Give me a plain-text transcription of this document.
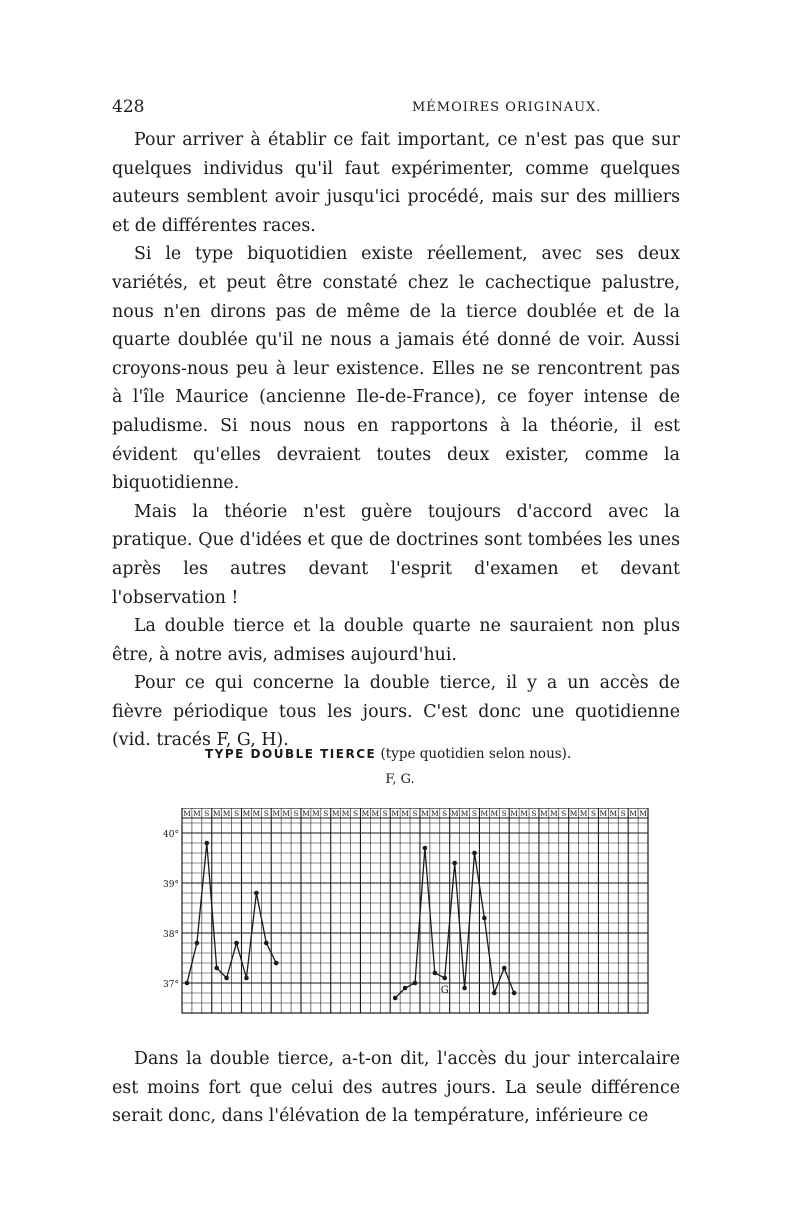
428	MÉMOIRES ORIGINAUX.

Pour arriver à établir ce fait important, ce n'est pas que sur quelques individus qu'il faut expérimenter, comme quelques auteurs semblent avoir jusqu'ici procédé, mais sur des milliers et de différentes races.

Si le type biquotidien existe réellement, avec ses deux variétés, et peut être constaté chez le cachectique palustre, nous n'en dirons pas de même de la tierce doublée et de la quarte doublée qu'il ne nous a jamais été donné de voir. Aussi croyons-nous peu à leur existence. Elles ne se rencontrent pas à l'île Maurice (ancienne Ile-de-France), ce foyer intense de paludisme. Si nous nous en rapportons à la théorie, il est évident qu'elles devraient toutes deux exister, comme la biquotidienne.

Mais la théorie n'est guère toujours d'accord avec la pratique. Que d'idées et que de doctrines sont tombées les unes après les autres devant l'esprit d'examen et devant l'observation !

La double tierce et la double quarte ne sauraient non plus être, à notre avis, admises aujourd'hui.

Pour ce qui concerne la double tierce, il y a un accès de fièvre périodique tous les jours. C'est donc une quotidienne (vid. tracés F, G, H).

TYPE DOUBLE TIERCE (type quotidien selon nous).
F, G.
M M S M M S M M S M M S M M S M M S M M S M M S M M S M M S M M S M M S M M S M M S M M S M M
40°
39°
38°
37°	G

Dans la double tierce, a-t-on dit, l'accès du jour intercalaire est moins fort que celui des autres jours. La seule différence serait donc, dans l'élévation de la température, inférieure ce
